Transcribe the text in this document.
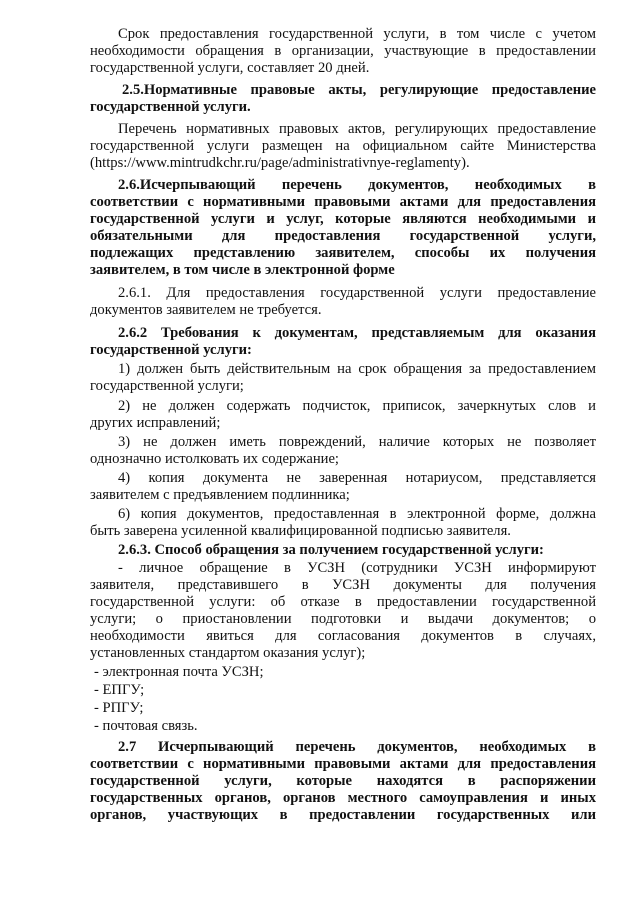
Срок предоставления государственной услуги, в том числе с учетом
необходимости обращения в организации, участвующие в предоставлении
государственной услуги, составляет 20 дней.
2.5.Нормативные правовые акты, регулирующие предоставление
государственной услуги.
Перечень нормативных правовых актов, регулирующих предоставление
государственной услуги размещен на официальном сайте Министерства
(https://www.mintrudkchr.ru/page/administrativnye-reglamenty).
2.6.Исчерпывающий перечень документов, необходимых в
соответствии с нормативными правовыми актами для предоставления
государственной услуги и услуг, которые являются необходимыми и
обязательными для предоставления государственной услуги,
подлежащих представлению заявителем, способы их получения
заявителем, в том числе в электронной форме
2.6.1. Для предоставления государственной услуги предоставление
документов заявителем не требуется.
2.6.2 Требования к документам, представляемым для оказания
государственной услуги:
1) должен быть действительным на срок обращения за предоставлением
государственной услуги;
2) не должен содержать подчисток, приписок, зачеркнутых слов и
других исправлений;
3) не должен иметь повреждений, наличие которых не позволяет
однозначно истолковать их содержание;
4) копия документа не заверенная нотариусом, представляется
заявителем с предъявлением подлинника;
6) копия документов, предоставленная в электронной форме, должна
быть заверена усиленной квалифицированной подписью заявителя.
2.6.3. Способ обращения за получением государственной услуги:
- личное обращение в УСЗН (сотрудники УСЗН информируют
заявителя, представившего в УСЗН документы для получения
государственной услуги: об отказе в предоставлении государственной
услуги; о приостановлении подготовки и выдачи документов; о
необходимости явиться для согласования документов в случаях,
установленных стандартом оказания услуг);
- электронная почта УСЗН;
- ЕПГУ;
- РПГУ;
- почтовая связь.
2.7 Исчерпывающий перечень документов, необходимых в
соответствии с нормативными правовыми актами для предоставления
государственной услуги, которые находятся в распоряжении
государственных органов, органов местного самоуправления и иных
органов, участвующих в предоставлении государственных или
